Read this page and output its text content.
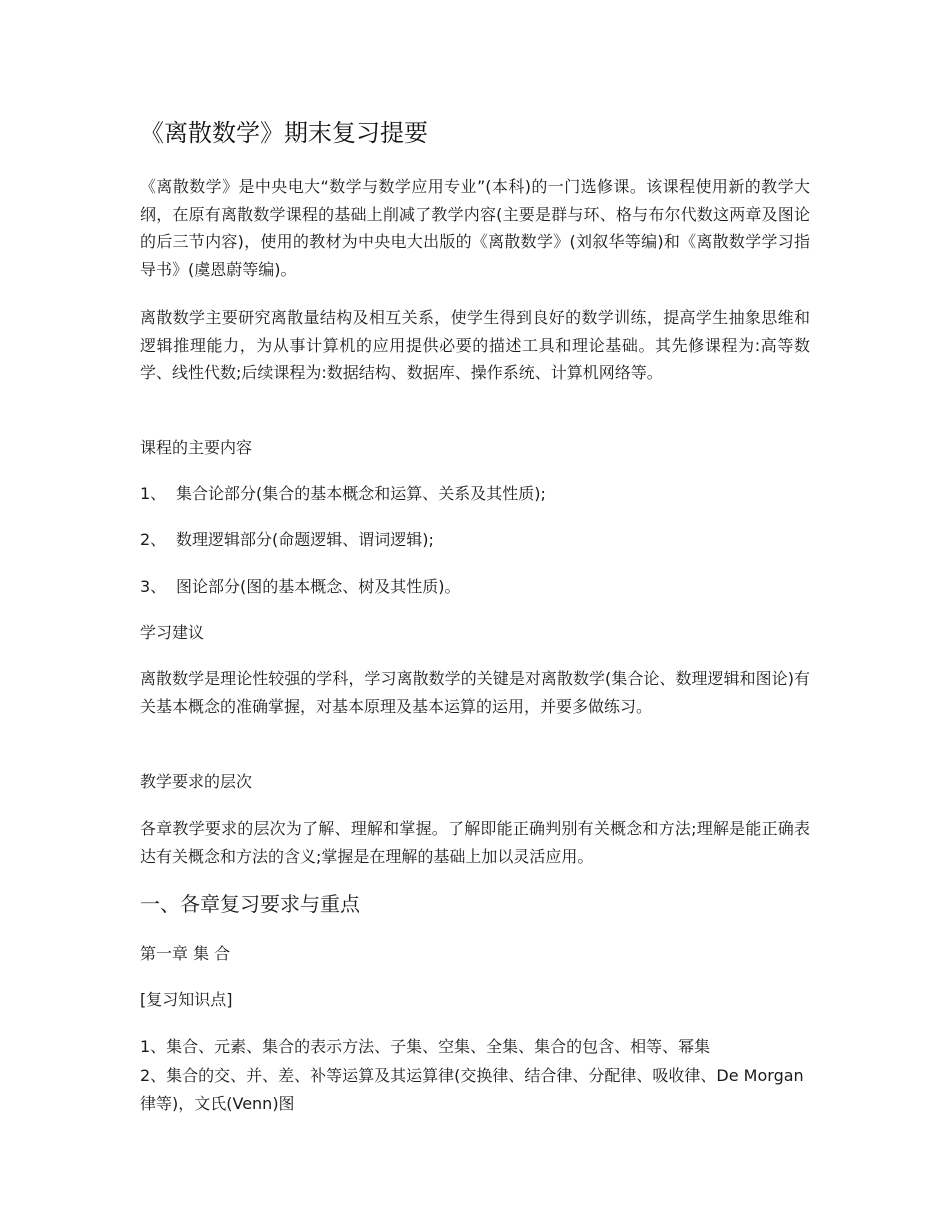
《离散数学》期末复习提要

《离散数学》是中央电大“数学与数学应用专业”(本科)的一门选修课。该课程使用新的教学大纲，在原有离散数学课程的基础上削减了教学内容(主要是群与环、格与布尔代数这两章及图论的后三节内容)，使用的教材为中央电大出版的《离散数学》(刘叙华等编)和《离散数学学习指导书》(虞恩蔚等编)。

离散数学主要研究离散量结构及相互关系，使学生得到良好的数学训练，提高学生抽象思维和逻辑推理能力，为从事计算机的应用提供必要的描述工具和理论基础。其先修课程为:高等数学、线性代数;后续课程为:数据结构、数据库、操作系统、计算机网络等。

课程的主要内容

1、 集合论部分(集合的基本概念和运算、关系及其性质);

2、 数理逻辑部分(命题逻辑、谓词逻辑);

3、 图论部分(图的基本概念、树及其性质)。

学习建议

离散数学是理论性较强的学科，学习离散数学的关键是对离散数学(集合论、数理逻辑和图论)有关基本概念的准确掌握，对基本原理及基本运算的运用，并要多做练习。

教学要求的层次

各章教学要求的层次为了解、理解和掌握。了解即能正确判别有关概念和方法;理解是能正确表达有关概念和方法的含义;掌握是在理解的基础上加以灵活应用。

一、各章复习要求与重点

第一章 集 合

[复习知识点]

1、集合、元素、集合的表示方法、子集、空集、全集、集合的包含、相等、幂集

2、集合的交、并、差、补等运算及其运算律(交换律、结合律、分配律、吸收律、De Morgan 律等)，文氏(Venn)图
